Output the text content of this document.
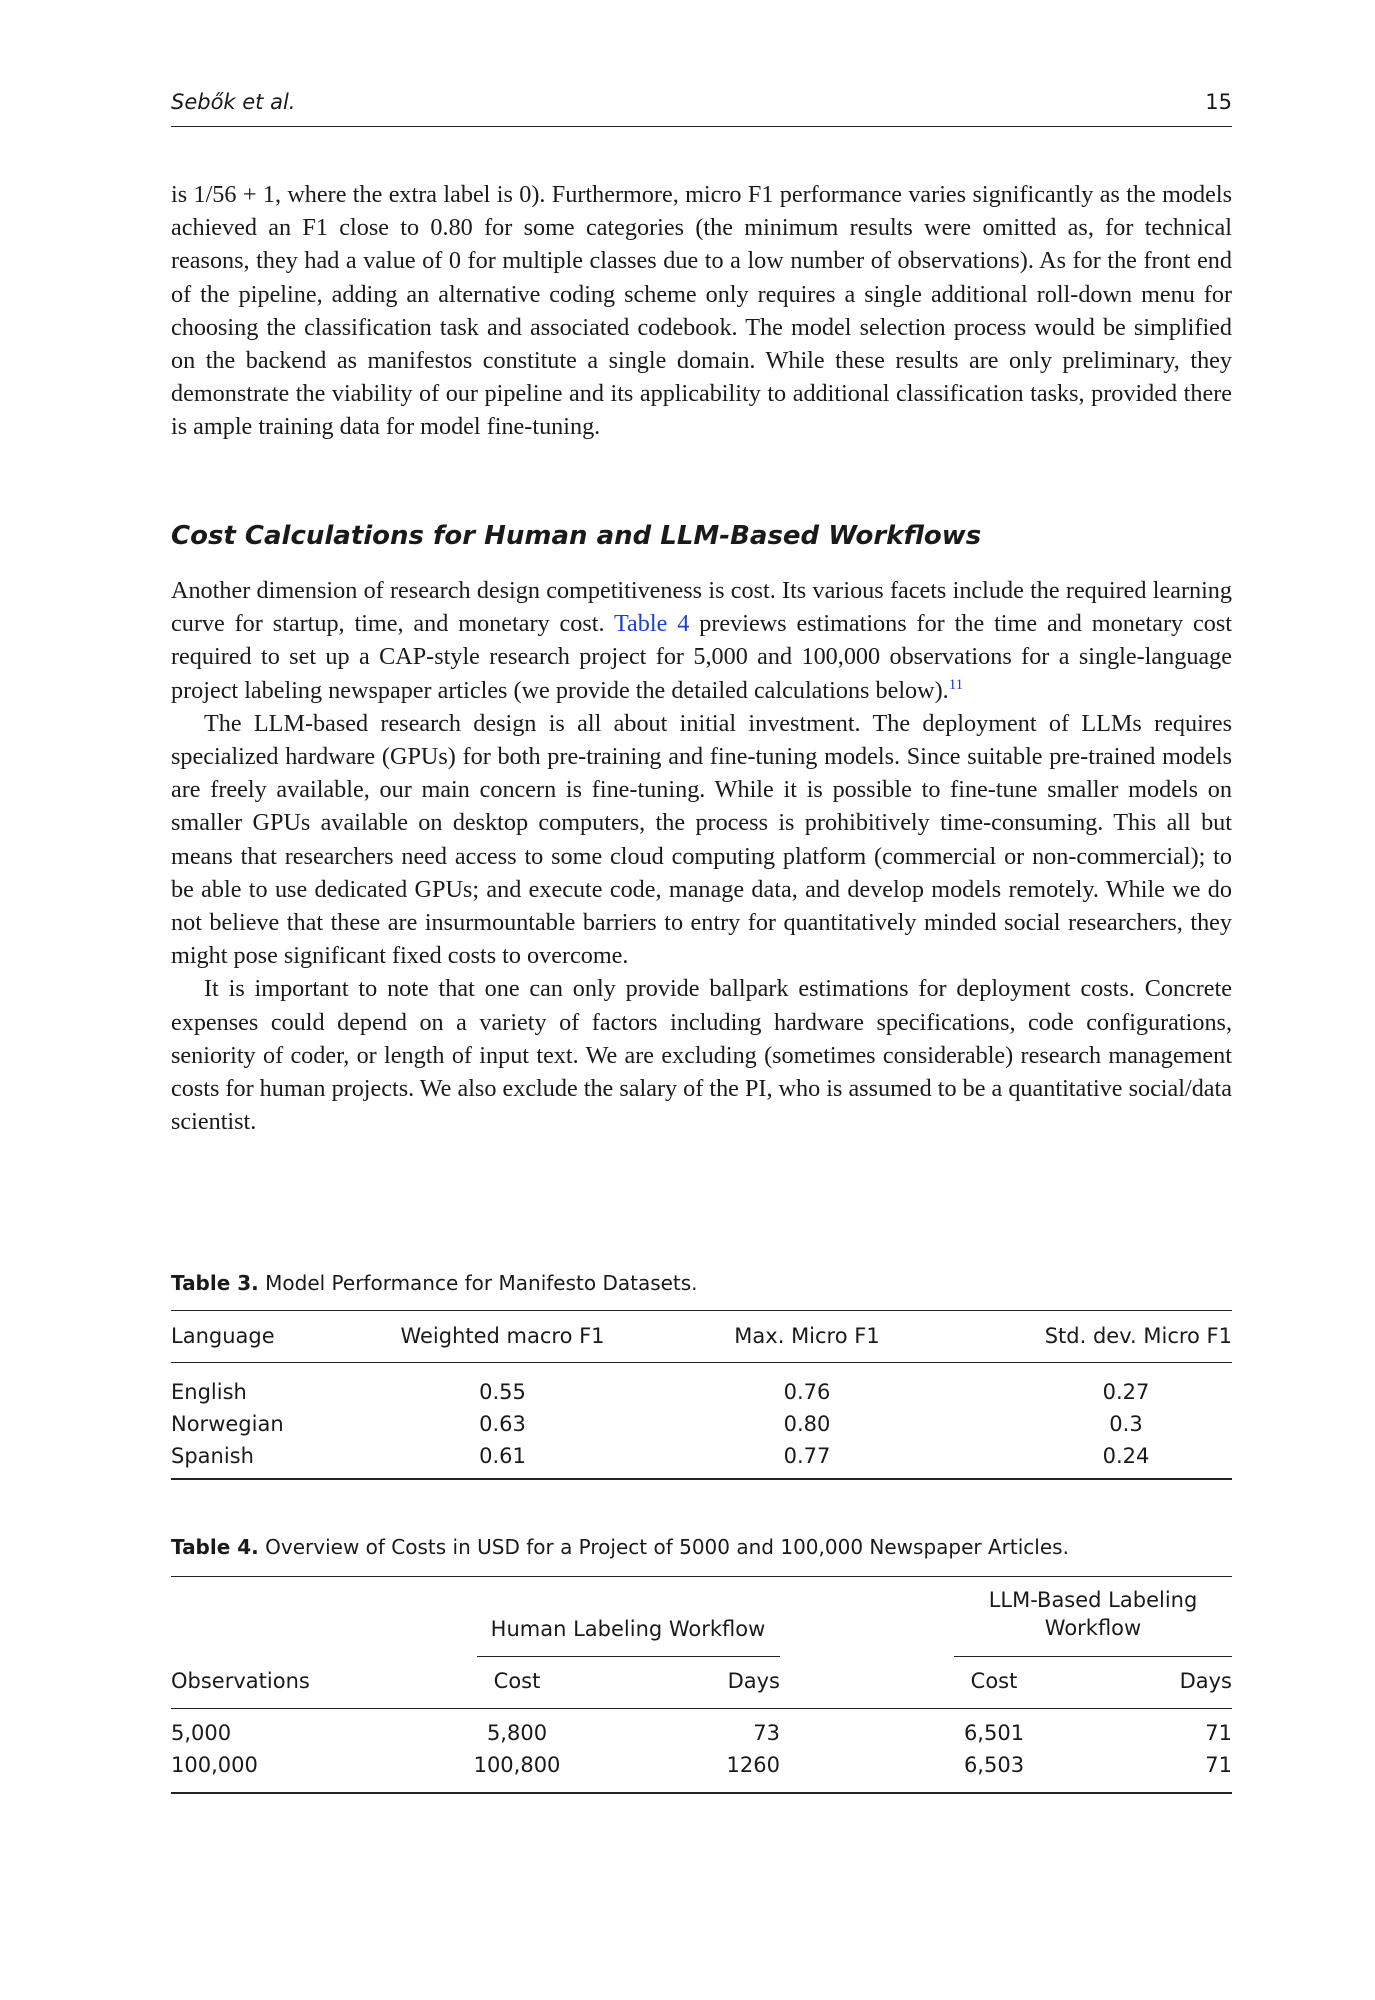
Sebők et al.	15

is 1/56 + 1, where the extra label is 0). Furthermore, micro F1 performance varies significantly as the models achieved an F1 close to 0.80 for some categories (the minimum results were omitted as, for technical reasons, they had a value of 0 for multiple classes due to a low number of observations). As for the front end of the pipeline, adding an alternative coding scheme only requires a single additional roll-down menu for choosing the classification task and associated codebook. The model selection process would be simplified on the backend as manifestos constitute a single domain. While these results are only preliminary, they demonstrate the viability of our pipeline and its applicability to additional classification tasks, provided there is ample training data for model fine-tuning.

Cost Calculations for Human and LLM-Based Workflows

Another dimension of research design competitiveness is cost. Its various facets include the required learning curve for startup, time, and monetary cost. Table 4 previews estimations for the time and monetary cost required to set up a CAP-style research project for 5,000 and 100,000 observations for a single-language project labeling newspaper articles (we provide the detailed calculations below).$^{11}$

The LLM-based research design is all about initial investment. The deployment of LLMs requires specialized hardware (GPUs) for both pre-training and fine-tuning models. Since suitable pre-trained models are freely available, our main concern is fine-tuning. While it is possible to fine-tune smaller models on smaller GPUs available on desktop computers, the process is prohibitively time-consuming. This all but means that researchers need access to some cloud computing platform (commercial or non-commercial); to be able to use dedicated GPUs; and execute code, manage data, and develop models remotely. While we do not believe that these are insurmountable barriers to entry for quantitatively minded social researchers, they might pose significant fixed costs to overcome.

It is important to note that one can only provide ballpark estimations for deployment costs. Concrete expenses could depend on a variety of factors including hardware specifications, code configurations, seniority of coder, or length of input text. We are excluding (sometimes considerable) research management costs for human projects. We also exclude the salary of the PI, who is assumed to be a quantitative social/data scientist.

Table 3. Model Performance for Manifesto Datasets.
Language	Weighted macro F1	Max. Micro F1	Std. dev. Micro F1
English	0.55	0.76	0.27
Norwegian	0.63	0.80	0.3
Spanish	0.61	0.77	0.24
Table 4. Overview of Costs in USD for a Project of 5000 and 100,000 Newspaper Articles.
Human Labeling Workflow
LLM-Based Labeling
Workflow
Observations	Cost	Days	Cost	Days
5,000	5,800	73	6,501	71
100,000	100,800	1260	6,503	71
